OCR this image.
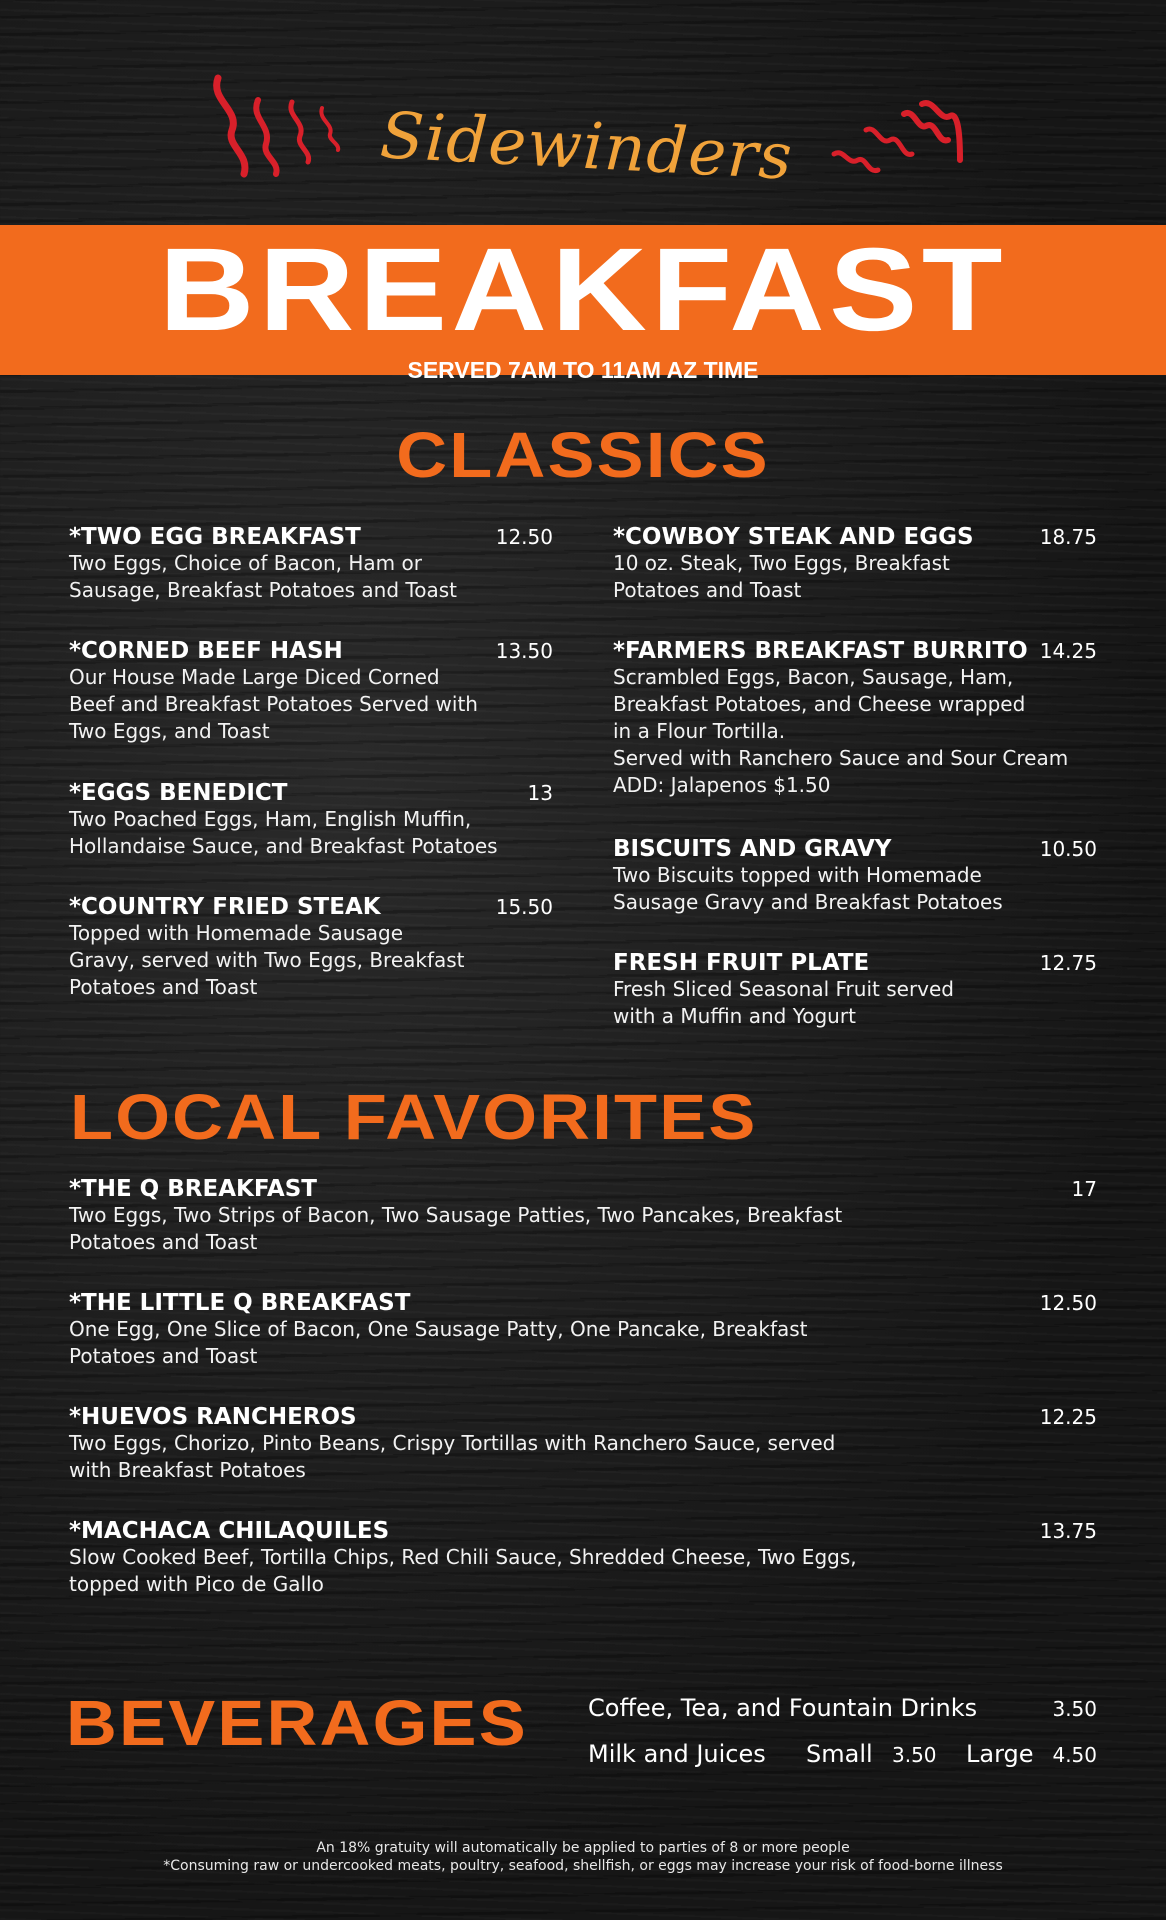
Sidewinders
BREAKFAST
SERVED 7AM TO 11AM AZ TIME
CLASSICS
*TWO EGG BREAKFAST	12.50
Two Eggs, Choice of Bacon, Ham or
Sausage, Breakfast Potatoes and Toast
*CORNED BEEF HASH	13.50
Our House Made Large Diced Corned
Beef and Breakfast Potatoes Served with
Two Eggs, and Toast
*EGGS BENEDICT	13
Two Poached Eggs, Ham, English Muffin,
Hollandaise Sauce, and Breakfast Potatoes
*COUNTRY FRIED STEAK	15.50
Topped with Homemade Sausage
Gravy, served with Two Eggs, Breakfast
Potatoes and Toast
*COWBOY STEAK AND EGGS	18.75
10 oz. Steak, Two Eggs, Breakfast
Potatoes and Toast
*FARMERS BREAKFAST BURRITO 14.25
Scrambled Eggs, Bacon, Sausage, Ham,
Breakfast Potatoes, and Cheese wrapped
in a Flour Tortilla.
Served with Ranchero Sauce and Sour Cream
ADD: Jalapenos $1.50
BISCUITS AND GRAVY	10.50
Two Biscuits topped with Homemade
Sausage Gravy and Breakfast Potatoes
FRESH FRUIT PLATE	12.75
Fresh Sliced Seasonal Fruit served
with a Muffin and Yogurt
LOCAL FAVORITES
*THE Q BREAKFAST	17
Two Eggs, Two Strips of Bacon, Two Sausage Patties, Two Pancakes, Breakfast
Potatoes and Toast
*THE LITTLE Q BREAKFAST	12.50
One Egg, One Slice of Bacon, One Sausage Patty, One Pancake, Breakfast
Potatoes and Toast
*HUEVOS RANCHEROS	12.25
Two Eggs, Chorizo, Pinto Beans, Crispy Tortillas with Ranchero Sauce, served
with Breakfast Potatoes
*MACHACA CHILAQUILES	13.75
Slow Cooked Beef, Tortilla Chips, Red Chili Sauce, Shredded Cheese, Two Eggs,
topped with Pico de Gallo
BEVERAGES	Coffee, Tea, and Fountain Drinks	3.50
Milk and Juices Small 3.50 Large 4.50
An 18% gratuity will automatically be applied to parties of 8 or more people
*Consuming raw or undercooked meats, poultry, seafood, shellfish, or eggs may increase your risk of food-borne illness
